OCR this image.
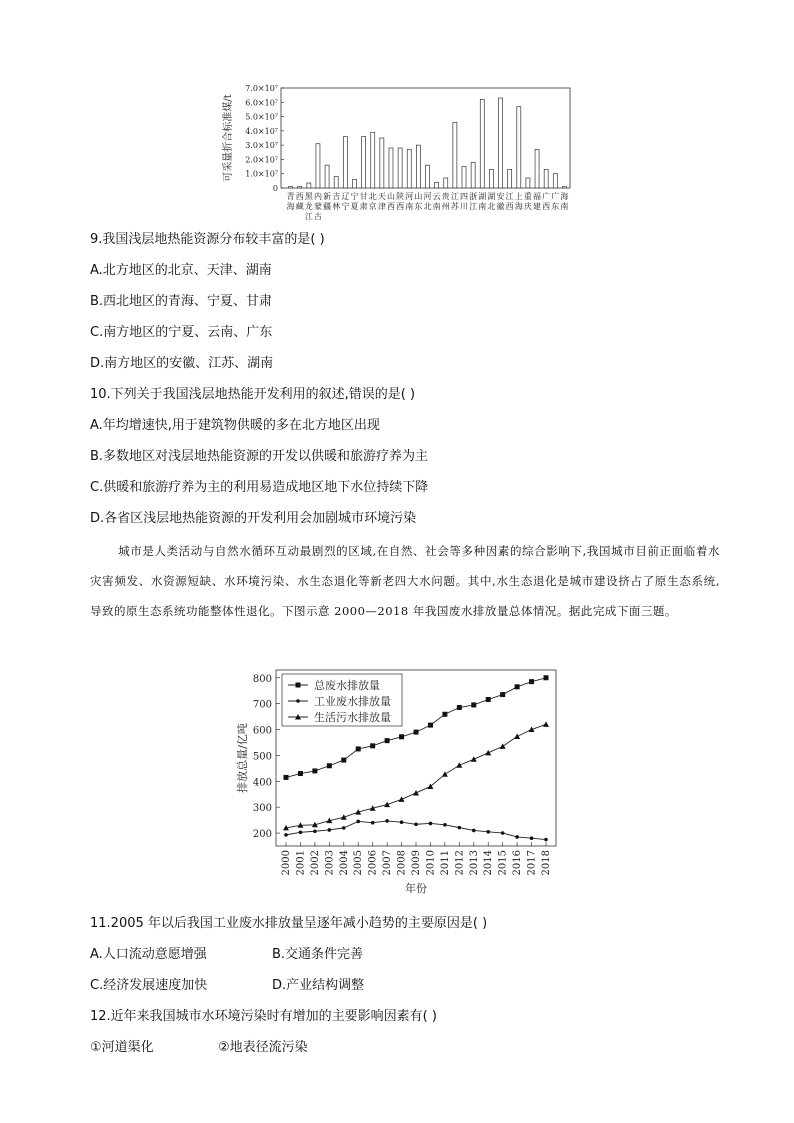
0
1.0×10⁷
2.0×10⁷
3.0×10⁷
4.0×10⁷
5.0×10⁷
6.0×10⁷
7.0×10⁷
可采量折合标准煤/t
青
海
西
藏
黑
龙
江
内
蒙
古
新
疆
吉
林
辽
宁
宁
夏
甘
肃
北
京
天
津
山
西
陕
西
河
南
山
东
河
北
云
南
贵
州
江
苏
四
川
浙
江
湖
南
湖
北
安
徽
江
西
上
海
重
庆
福
建
广
西
广
东
海
南
9.我国浅层地热能资源分布较丰富的是( )
A.北方地区的北京、天津、湖南
B.西北地区的青海、宁夏、甘肃
C.南方地区的宁夏、云南、广东
D.南方地区的安徽、江苏、湖南
10.下列关于我国浅层地热能开发利用的叙述,错误的是( )
A.年均增速快,用于建筑物供暖的多在北方地区出现
B.多数地区对浅层地热能资源的开发以供暖和旅游疗养为主
C.供暖和旅游疗养为主的利用易造成地区地下水位持续下降
D.各省区浅层地热能资源的开发利用会加剧城市环境污染
城市是人类活动与自然水循环互动最剧烈的区域,在自然、社会等多种因素的综合影响下,我国城市目前正面临着水灾害频发、水资源短缺、水环境污染、水生态退化等新老四大水问题。其中,水生态退化是城市建设挤占了原生态系统,导致的原生态系统功能整体性退化。下图示意 2000—2018 年我国废水排放量总体情况。据此完成下面三题。
200
300
400
500
600
700
800
2000 2001 2002 2003 2004 2005 2006 2007 2008 2009 2010 2011 2012 2013 2014 2015 2016 2017 2018
年份
排放总量/亿吨
总废水排放量
工业废水排放量
生活污水排放量
11.2005 年以后我国工业废水排放量呈逐年减小趋势的主要原因是( )
A.人口流动意愿增强	B.交通条件完善
C.经济发展速度加快	D.产业结构调整
12.近年来我国城市水环境污染时有增加的主要影响因素有( )
①河道渠化	②地表径流污染
